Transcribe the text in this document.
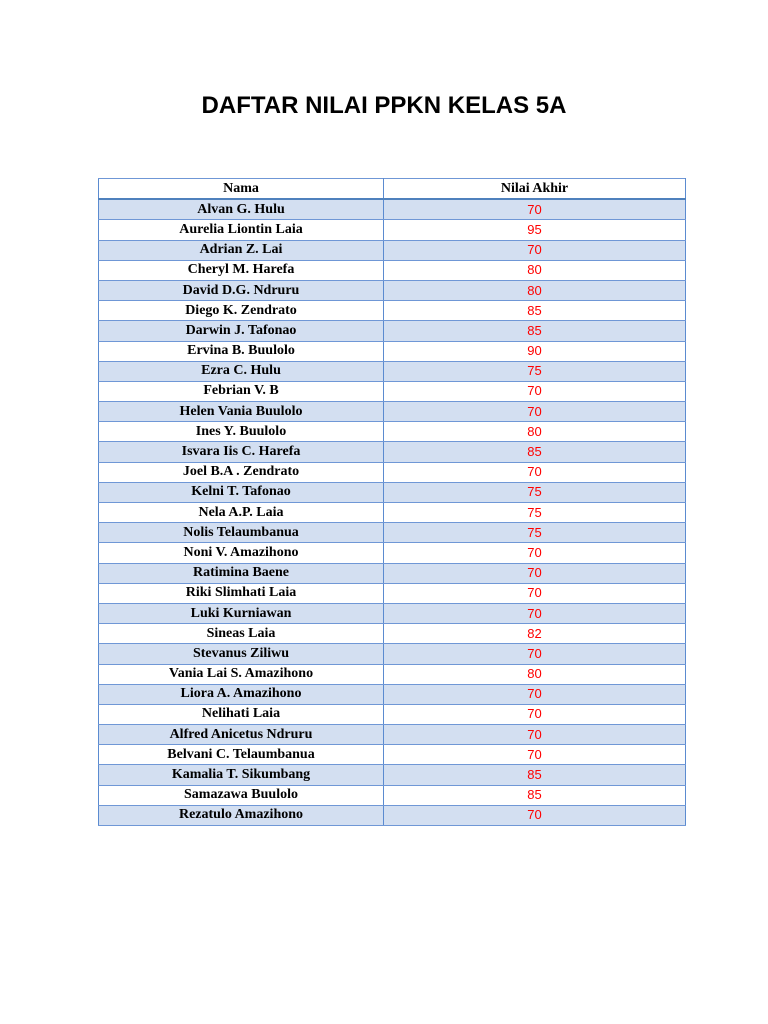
DAFTAR NILAI PPKN KELAS 5A
Nama	Nilai Akhir
Alvan G. Hulu	70
Aurelia Liontin Laia	95
Adrian Z. Lai	70
Cheryl M. Harefa	80
David D.G. Ndruru	80
Diego K. Zendrato	85
Darwin J. Tafonao	85
Ervina B. Buulolo	90
Ezra C. Hulu	75
Febrian V. B	70
Helen Vania Buulolo	70
Ines Y. Buulolo	80
Isvara Iis C. Harefa	85
Joel B.A . Zendrato	70
Kelni T. Tafonao	75
Nela A.P. Laia	75
Nolis Telaumbanua	75
Noni V. Amazihono	70
Ratimina Baene	70
Riki Slimhati Laia	70
Luki Kurniawan	70
Sineas Laia	82
Stevanus Ziliwu	70
Vania Lai S. Amazihono	80
Liora A. Amazihono	70
Nelihati Laia	70
Alfred Anicetus Ndruru	70
Belvani C. Telaumbanua	70
Kamalia T. Sikumbang	85
Samazawa Buulolo	85
Rezatulo Amazihono	70
